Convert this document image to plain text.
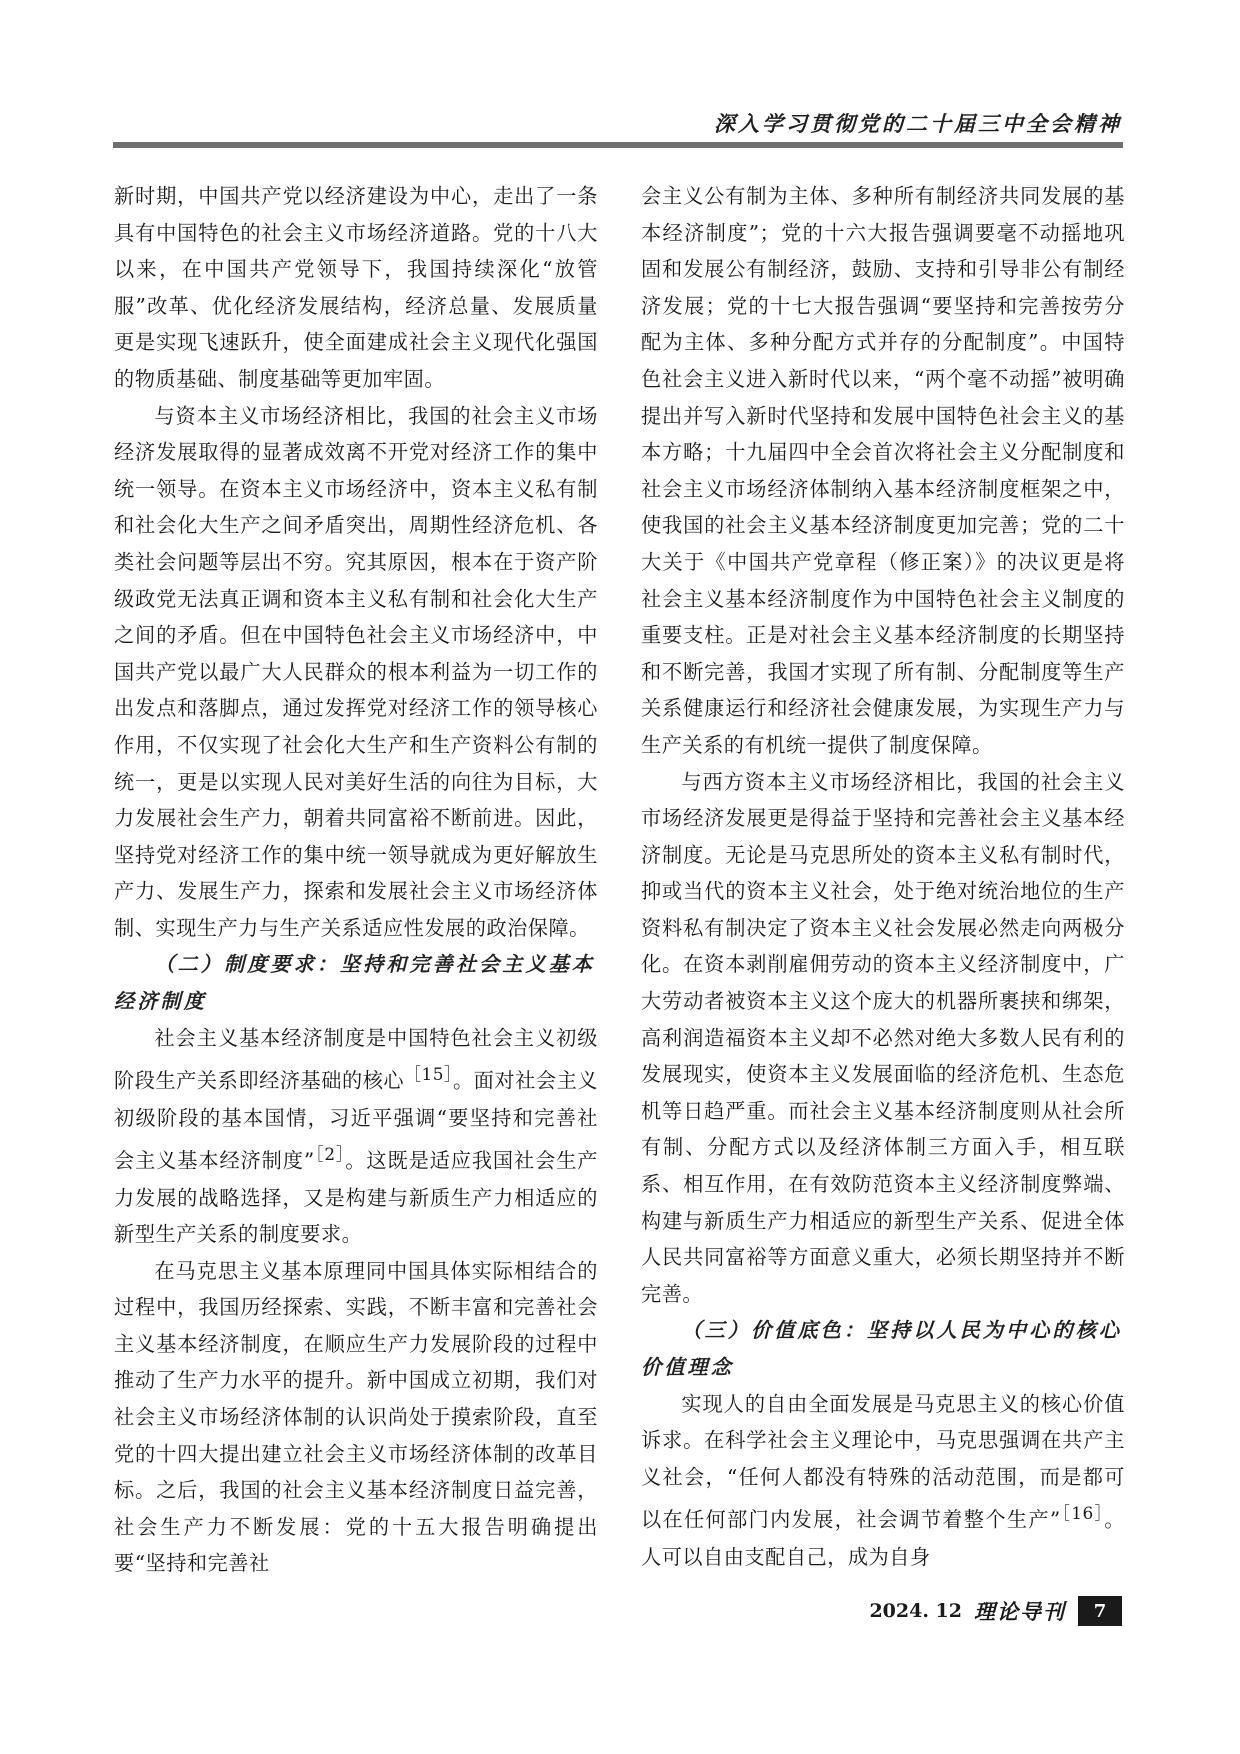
深入学习贯彻党的二十届三中全会精神

新时期，中国共产党以经济建设为中心，走出了一条具有中国特色的社会主义市场经济道路。党的十八大以来，在中国共产党领导下，我国持续深化“放管服”改革、优化经济发展结构，经济总量、发展质量更是实现飞速跃升，使全面建成社会主义现代化强国的物质基础、制度基础等更加牢固。

与资本主义市场经济相比，我国的社会主义市场经济发展取得的显著成效离不开党对经济工作的集中统一领导。在资本主义市场经济中，资本主义私有制和社会化大生产之间矛盾突出，周期性经济危机、各类社会问题等层出不穷。究其原因，根本在于资产阶级政党无法真正调和资本主义私有制和社会化大生产之间的矛盾。但在中国特色社会主义市场经济中，中国共产党以最广大人民群众的根本利益为一切工作的出发点和落脚点，通过发挥党对经济工作的领导核心作用，不仅实现了社会化大生产和生产资料公有制的统一，更是以实现人民对美好生活的向往为目标，大力发展社会生产力，朝着共同富裕不断前进。因此，坚持党对经济工作的集中统一领导就成为更好解放生产力、发展生产力，探索和发展社会主义市场经济体制、实现生产力与生产关系适应性发展的政治保障。

（二）制度要求：坚持和完善社会主义基本经济制度

社会主义基本经济制度是中国特色社会主义初级阶段生产关系即经济基础的核心$^{[15]}$。面对社会主义初级阶段的基本国情，习近平强调“要坚持和完善社会主义基本经济制度”$^{[2]}$。这既是适应我国社会生产力发展的战略选择，又是构建与新质生产力相适应的新型生产关系的制度要求。

在马克思主义基本原理同中国具体实际相结合的过程中，我国历经探索、实践，不断丰富和完善社会主义基本经济制度，在顺应生产力发展阶段的过程中推动了生产力水平的提升。新中国成立初期，我们对社会主义市场经济体制的认识尚处于摸索阶段，直至党的十四大提出建立社会主义市场经济体制的改革目标。之后，我国的社会主义基本经济制度日益完善，社会生产力不断发展：党的十五大报告明确提出要“坚持和完善社

会主义公有制为主体、多种所有制经济共同发展的基本经济制度”；党的十六大报告强调要毫不动摇地巩固和发展公有制经济，鼓励、支持和引导非公有制经济发展；党的十七大报告强调“要坚持和完善按劳分配为主体、多种分配方式并存的分配制度”。中国特色社会主义进入新时代以来，“两个毫不动摇”被明确提出并写入新时代坚持和发展中国特色社会主义的基本方略；十九届四中全会首次将社会主义分配制度和社会主义市场经济体制纳入基本经济制度框架之中，使我国的社会主义基本经济制度更加完善；党的二十大关于《中国共产党章程（修正案）》的决议更是将社会主义基本经济制度作为中国特色社会主义制度的重要支柱。正是对社会主义基本经济制度的长期坚持和不断完善，我国才实现了所有制、分配制度等生产关系健康运行和经济社会健康发展，为实现生产力与生产关系的有机统一提供了制度保障。

与西方资本主义市场经济相比，我国的社会主义市场经济发展更是得益于坚持和完善社会主义基本经济制度。无论是马克思所处的资本主义私有制时代，抑或当代的资本主义社会，处于绝对统治地位的生产资料私有制决定了资本主义社会发展必然走向两极分化。在资本剥削雇佣劳动的资本主义经济制度中，广大劳动者被资本主义这个庞大的机器所裹挟和绑架，高利润造福资本主义却不必然对绝大多数人民有利的发展现实，使资本主义发展面临的经济危机、生态危机等日趋严重。而社会主义基本经济制度则从社会所有制、分配方式以及经济体制三方面入手，相互联系、相互作用，在有效防范资本主义经济制度弊端、构建与新质生产力相适应的新型生产关系、促进全体人民共同富裕等方面意义重大，必须长期坚持并不断完善。

（三）价值底色：坚持以人民为中心的核心价值理念

实现人的自由全面发展是马克思主义的核心价值诉求。在科学社会主义理论中，马克思强调在共产主义社会，“任何人都没有特殊的活动范围，而是都可以在任何部门内发展，社会调节着整个生产”$^{[16]}$。人可以自由支配自己，成为自身

2024. 12 理论导刊	7
